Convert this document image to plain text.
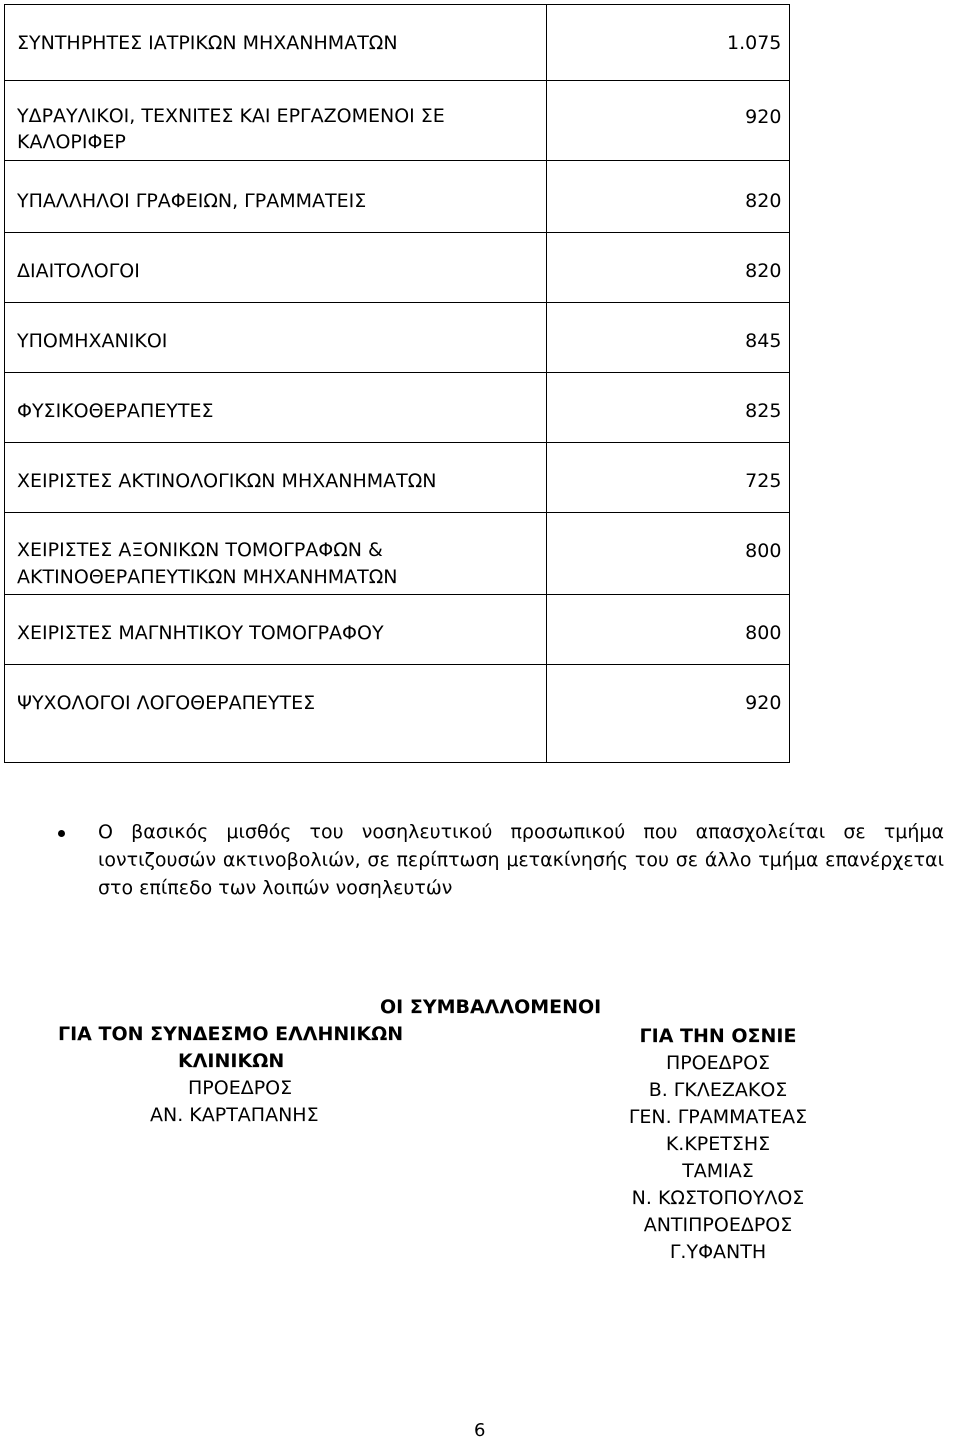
ΣΥΝΤΗΡΗΤΕΣ ΙΑΤΡΙΚΩΝ ΜΗΧΑΝΗΜΑΤΩΝ	1.075
ΥΔΡΑΥΛΙΚΟΙ, ΤΕΧΝΙΤΕΣ ΚΑΙ ΕΡΓΑΖΟΜΕΝΟΙ ΣΕ ΚΑΛΟΡΙΦΕΡ	920
ΥΠΑΛΛΗΛΟΙ ΓΡΑΦΕΙΩΝ, ΓΡΑΜΜΑΤΕΙΣ	820
ΔΙΑΙΤΟΛΟΓΟΙ	820
ΥΠΟΜΗΧΑΝΙΚΟΙ	845
ΦΥΣΙΚΟΘΕΡΑΠΕΥΤΕΣ	825
ΧΕΙΡΙΣΤΕΣ ΑΚΤΙΝΟΛΟΓΙΚΩΝ ΜΗΧΑΝΗΜΑΤΩΝ	725
ΧΕΙΡΙΣΤΕΣ ΑΞΟΝΙΚΩΝ ΤΟΜΟΓΡΑΦΩΝ & ΑΚΤΙΝΟΘΕΡΑΠΕΥΤΙΚΩΝ ΜΗΧΑΝΗΜΑΤΩΝ	800
ΧΕΙΡΙΣΤΕΣ ΜΑΓΝΗΤΙΚΟΥ ΤΟΜΟΓΡΑΦΟΥ	800
ΨΥΧΟΛΟΓΟΙ ΛΟΓΟΘΕΡΑΠΕΥΤΕΣ	920
Ο βασικός μισθός του νοσηλευτικού προσωπικού που απασχολείται σε τμήμα ιοντιζουσών ακτινοβολιών, σε περίπτωση μετακίνησής του σε άλλο τμήμα επανέρχεται στο επίπεδο των λοιπών νοσηλευτών
ΟΙ ΣΥΜΒΑΛΛΟΜΕΝΟΙ
ΓΙΑ ΤΟΝ ΣΥΝΔΕΣΜΟ ΕΛΛΗΝΙΚΩΝ
ΚΛΙΝΙΚΩΝ
ΠΡΟΕΔΡΟΣ
ΑΝ. ΚΑΡΤΑΠΑΝΗΣ
ΓΙΑ ΤΗΝ ΟΣΝΙΕ
ΠΡΟΕΔΡΟΣ
Β. ΓΚΛΕΖΑΚΟΣ
ΓΕΝ. ΓΡΑΜΜΑΤΕΑΣ
Κ.ΚΡΕΤΣΗΣ
ΤΑΜΙΑΣ
Ν. ΚΩΣΤΟΠΟΥΛΟΣ
ΑΝΤΙΠΡΟΕΔΡΟΣ
Γ.ΥΦΑΝΤΗ
6
